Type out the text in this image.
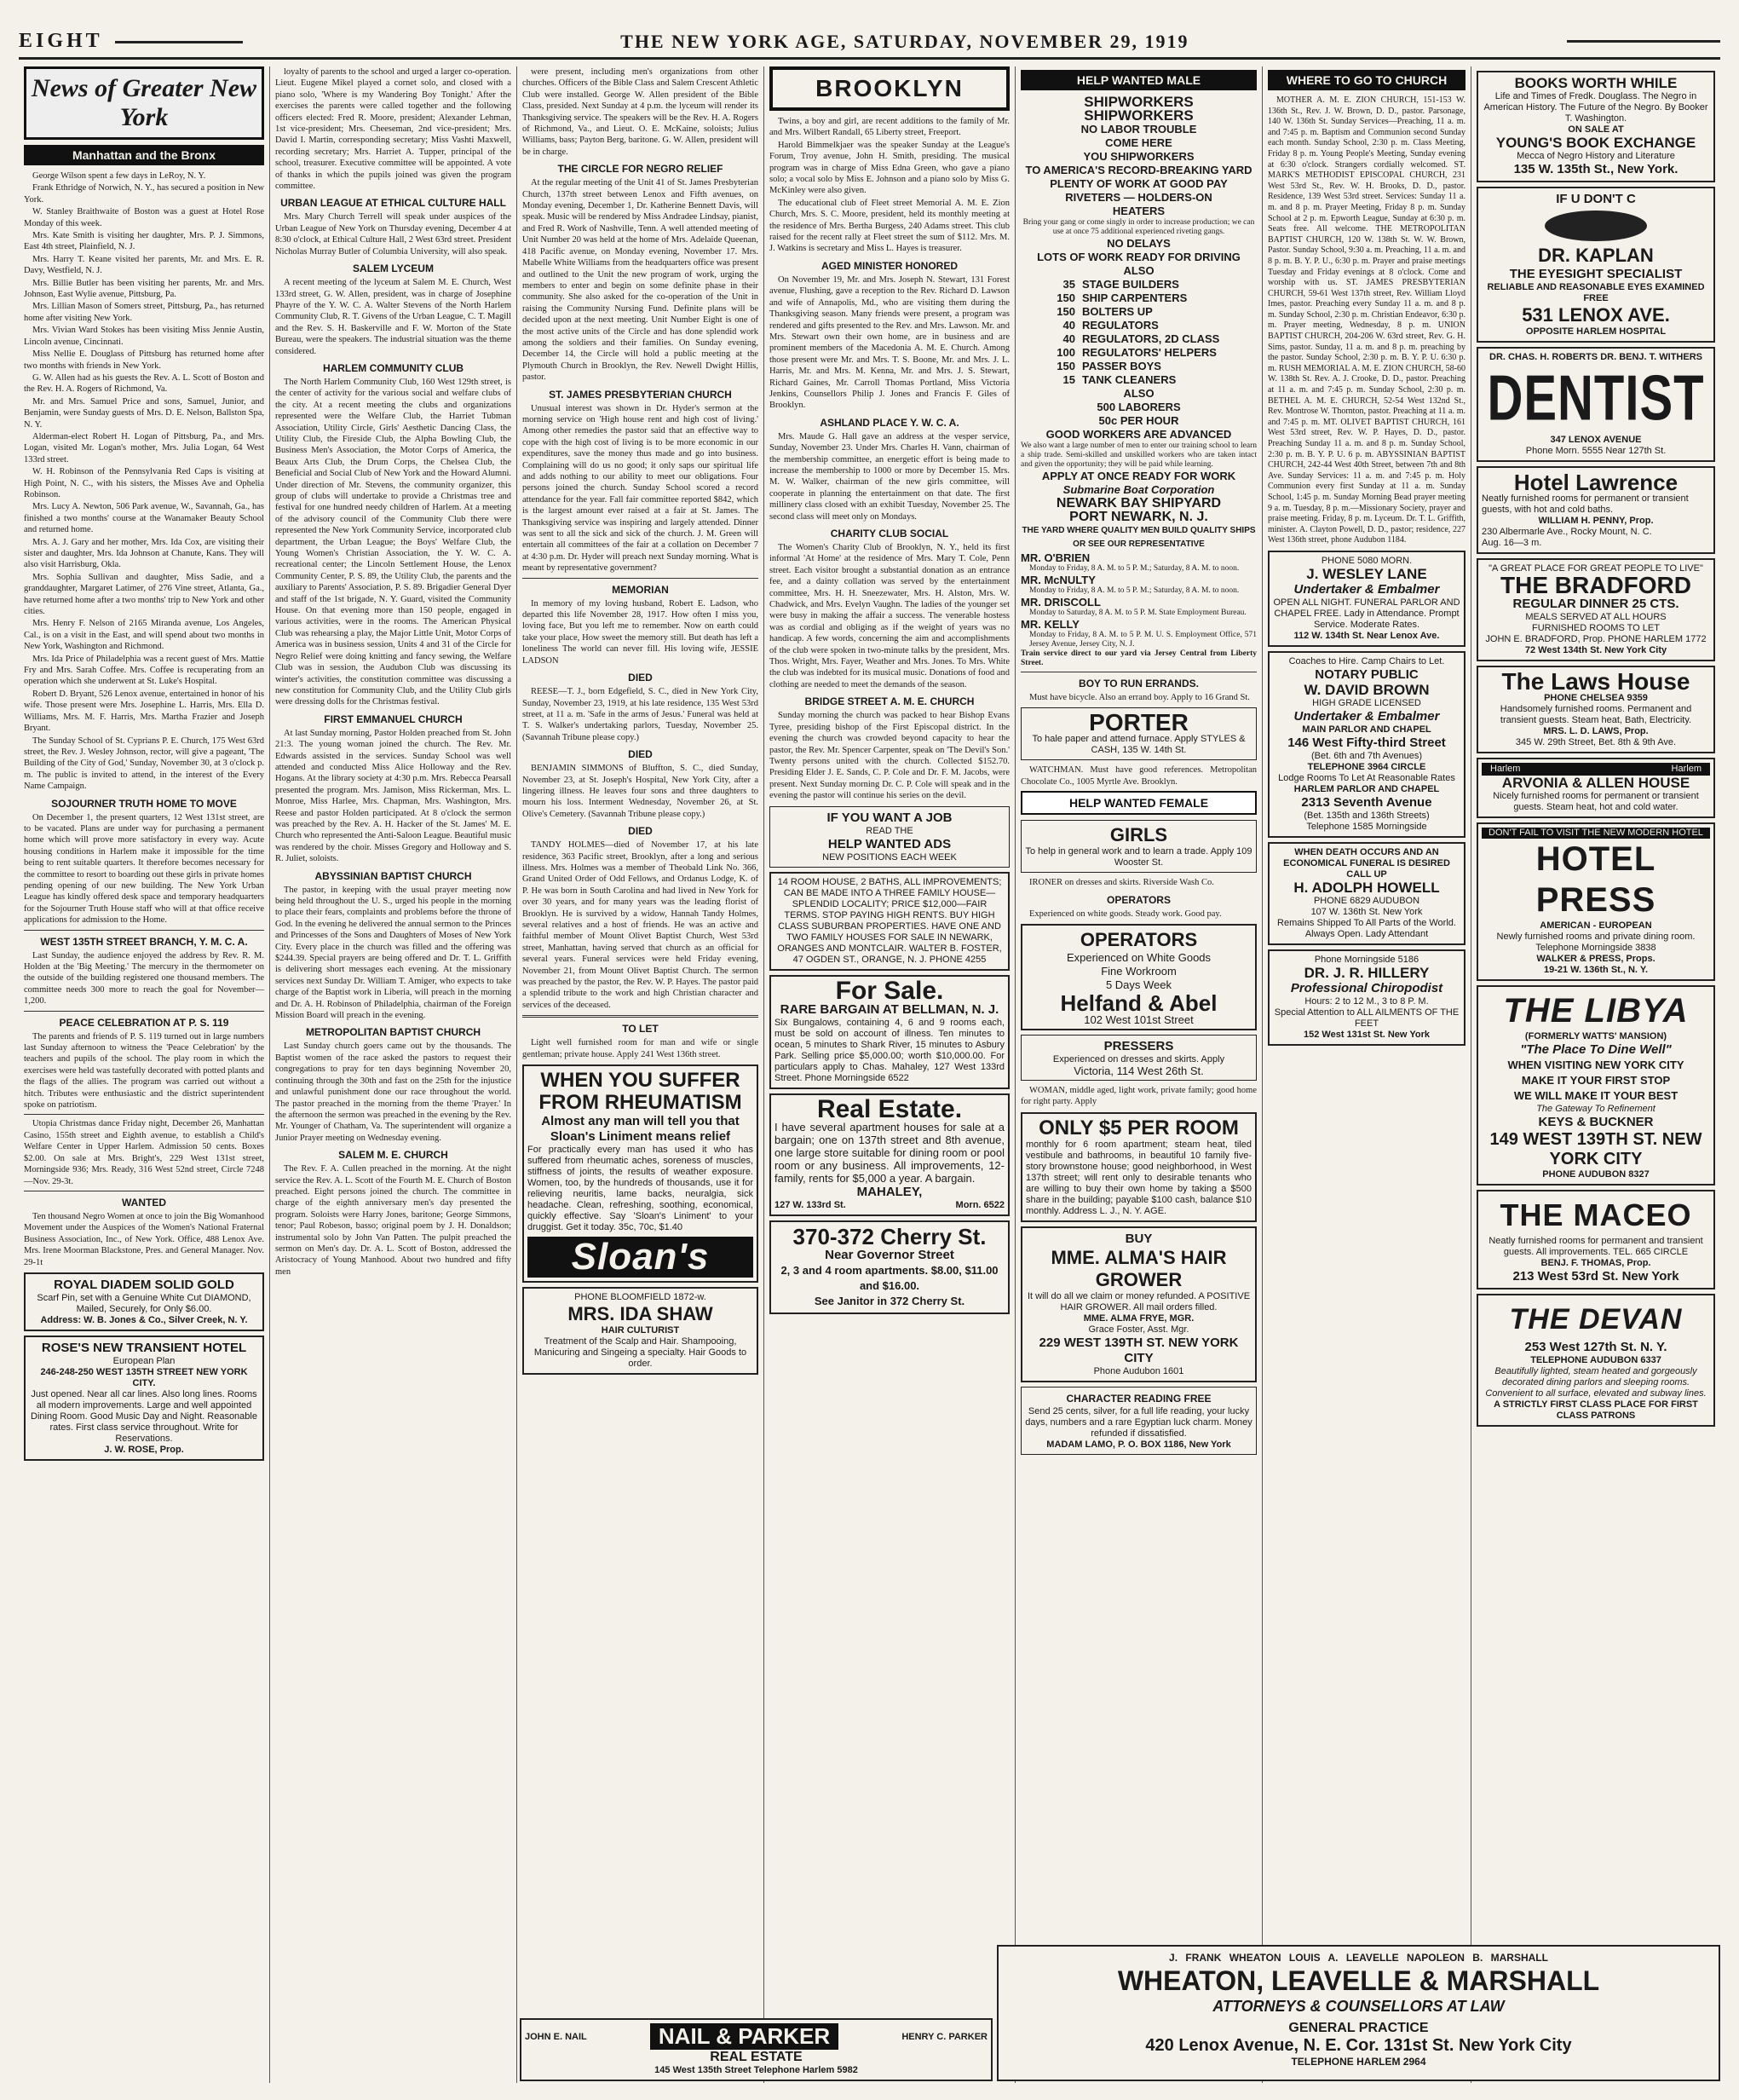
EIGHT	THE NEW YORK AGE, SATURDAY, NOVEMBER 29, 1919
News of Greater New York
Manhattan and the Bronx

George Wilson spent a few days in LeRoy, N. Y.

Frank Ethridge of Norwich, N. Y., has secured a position in New York.

W. Stanley Braithwaite of Boston was a guest at Hotel Rose Monday of this week.

Mrs. Kate Smith is visiting her daughter, Mrs. P. J. Simmons, East 4th street, Plainfield, N. J.

Mrs. Harry T. Keane visited her parents, Mr. and Mrs. E. R. Davy, Westfield, N. J.

Mrs. Billie Butler has been visiting her parents, Mr. and Mrs. Johnson, East Wylie avenue, Pittsburg, Pa.

Mrs. Lillian Mason of Somers street, Pittsburg, Pa., has returned home after visiting New York.

Mrs. Vivian Ward Stokes has been visiting Miss Jennie Austin, Lincoln avenue, Cincinnati.

Miss Nellie E. Douglass of Pittsburg has returned home after two months with friends in New York.

G. W. Allen had as his guests the Rev. A. L. Scott of Boston and the Rev. H. A. Rogers of Richmond, Va.

Mr. and Mrs. Samuel Price and sons, Samuel, Junior, and Benjamin, were Sunday guests of Mrs. D. E. Nelson, Ballston Spa, N. Y.

Alderman-elect Robert H. Logan of Pittsburg, Pa., and Mrs. Logan, visited Mr. Logan's mother, Mrs. Julia Logan, 64 West 133rd street.

W. H. Robinson of the Pennsylvania Red Caps is visiting at High Point, N. C., with his sisters, the Misses Ave and Ophelia Robinson.

Mrs. Lucy A. Newton, 506 Park avenue, W., Savannah, Ga., has finished a two months' course at the Wanamaker Beauty School and returned home.

Mrs. A. J. Gary and her mother, Mrs. Ida Cox, are visiting their sister and daughter, Mrs. Ida Johnson at Chanute, Kans. They will also visit Harrisburg, Okla.

Mrs. Sophia Sullivan and daughter, Miss Sadie, and a granddaughter, Margaret Latimer, of 276 Vine street, Atlanta, Ga., have returned home after a two months' trip to New York and other cities.

Mrs. Henry F. Nelson of 2165 Miranda avenue, Los Angeles, Cal., is on a visit in the East, and will spend about two months in New York, Washington and Richmond.

Mrs. Ida Price of Philadelphia was a recent guest of Mrs. Mattie Fry and Mrs. Sarah Coffee. Mrs. Coffee is recuperating from an operation which she underwent at St. Luke's Hospital.

Robert D. Bryant, 526 Lenox avenue, entertained in honor of his wife. Those present were Mrs. Josephine L. Harris, Mrs. Ella D. Williams, Mrs. M. F. Harris, Mrs. Martha Frazier and Joseph Bryant.

The Sunday School of St. Cyprians P. E. Church, 175 West 63rd street, the Rev. J. Wesley Johnson, rector, will give a pageant, 'The Building of the City of God,' Sunday, November 30, at 3 o'clock p. m. The public is invited to attend, in the interest of the Every Name Campaign.

SOJOURNER TRUTH HOME TO MOVE

On December 1, the present quarters, 12 West 131st street, are to be vacated. Plans are under way for purchasing a permanent home which will prove more satisfactory in every way. Acute housing conditions in Harlem make it impossible for the time being to rent suitable quarters. It therefore becomes necessary for the committee to resort to boarding out these girls in private homes pending opening of our new building. The New York Urban League has kindly offered desk space and temporary headquarters for the Sojourner Truth House staff who will at that office receive applications for admission to the Home.

WEST 135TH STREET BRANCH, Y. M. C. A.

Last Sunday, the audience enjoyed the address by Rev. R. M. Holden at the 'Big Meeting.' The mercury in the thermometer on the outside of the building registered one thousand members. The committee needs 300 more to reach the goal for November—1,200.

PEACE CELEBRATION AT P. S. 119

The parents and friends of P. S. 119 turned out in large numbers last Sunday afternoon to witness the 'Peace Celebration' by the teachers and pupils of the school. The play room in which the exercises were held was tastefully decorated with potted plants and the flags of the allies. The program was carried out without a hitch. Tributes were enthusiastic and the district superintendent spoke on patriotism.

Utopia Christmas dance Friday night, December 26, Manhattan Casino, 155th street and Eighth avenue, to establish a Child's Welfare Center in Upper Harlem. Admission 50 cents. Boxes $2.00. On sale at Mrs. Bright's, 229 West 131st street, Morningside 936; Mrs. Ready, 316 West 52nd street, Circle 7248—Nov. 29-3t.

WANTED

Ten thousand Negro Women at once to join the Big Womanhood Movement under the Auspices of the Women's National Fraternal Business Association, Inc., of New York. Office, 488 Lenox Ave. Mrs. Irene Moorman Blackstone, Pres. and General Manager. Nov. 29-1t

ROYAL DIADEM SOLID GOLD
Scarf Pin, set with a Genuine White Cut DIAMOND, Mailed, Securely, for Only $6.00.
Address: W. B. Jones & Co., Silver Creek, N. Y.
ROSE'S NEW TRANSIENT HOTEL
European Plan
246-248-250 WEST 135TH STREET NEW YORK CITY.
Just opened. Near all car lines. Also long lines. Rooms all modern improvements. Large and well appointed Dining Room. Good Music Day and Night. Reasonable rates. First class service throughout. Write for Reservations.
J. W. ROSE, Prop.

loyalty of parents to the school and urged a larger co-operation. Lieut. Eugene Mikel played a cornet solo, and closed with a piano solo, 'Where is my Wandering Boy Tonight.' After the exercises the parents were called together and the following officers elected: Fred R. Moore, president; Alexander Lehman, 1st vice-president; Mrs. Cheeseman, 2nd vice-president; Mrs. David I. Martin, corresponding secretary; Miss Vashti Maxwell, recording secretary; Mrs. Harriet A. Tupper, principal of the school, treasurer. Executive committee will be appointed. A vote of thanks in which the pupils joined was given the program committee.

URBAN LEAGUE AT ETHICAL CULTURE HALL

Mrs. Mary Church Terrell will speak under auspices of the Urban League of New York on Thursday evening, December 4 at 8:30 o'clock, at Ethical Culture Hall, 2 West 63rd street. President Nicholas Murray Butler of Columbia University, will also speak.

SALEM LYCEUM

A recent meeting of the lyceum at Salem M. E. Church, West 133rd street, G. W. Allen, president, was in charge of Josephine Phayre of the Y. W. C. A. Walter Stevens of the North Harlem Community Club, R. T. Givens of the Urban League, C. T. Magill and the Rev. S. H. Baskerville and F. W. Morton of the State Bureau, were the speakers. The industrial situation was the theme considered.

HARLEM COMMUNITY CLUB

The North Harlem Community Club, 160 West 129th street, is the center of activity for the various social and welfare clubs of the city. At a recent meeting the clubs and organizations represented were the Welfare Club, the Harriet Tubman Association, Utility Circle, Girls' Aesthetic Dancing Class, the Utility Club, the Fireside Club, the Alpha Bowling Club, the Business Men's Association, the Motor Corps of America, the Beaux Arts Club, the Drum Corps, the Chelsea Club, the Beneficial and Social Club of New York and the Howard Alumni. Under direction of Mr. Stevens, the community organizer, this group of clubs will undertake to provide a Christmas tree and festival for one hundred needy children of Harlem. At a meeting of the advisory council of the Community Club there were represented the New York Community Service, incorporated club department, the Urban League; the Boys' Welfare Club, the Young Women's Christian Association, the Y. W. C. A. recreational center; the Lincoln Settlement House, the Lenox Community Center, P. S. 89, the Utility Club, the parents and the auxiliary to Parents' Association, P. S. 89. Brigadier General Dyer and staff of the 1st brigade, N. Y. Guard, visited the Community House. On that evening more than 150 people, engaged in various activities, were in the rooms. The American Physical Club was rehearsing a play, the Major Little Unit, Motor Corps of America was in business session, Units 4 and 31 of the Circle for Negro Relief were doing knitting and fancy sewing, the Welfare Club was in session, the Audubon Club was discussing its winter's activities, the constitution committee was discussing a new constitution for Community Club, and the Utility Club girls were dressing dolls for the Christmas festival.

FIRST EMMANUEL CHURCH

At last Sunday morning, Pastor Holden preached from St. John 21:3. The young woman joined the church. The Rev. Mr. Edwards assisted in the services. Sunday School was well attended and conducted Miss Alice Holloway and the Rev. Hogans. At the library society at 4:30 p.m. Mrs. Rebecca Pearsall presented the program. Mrs. Jamison, Miss Rickerman, Mrs. L. Monroe, Miss Harlee, Mrs. Chapman, Mrs. Washington, Mrs. Reese and pastor Holden participated. At 8 o'clock the sermon was preached by the Rev. A. H. Hacker of the St. James' M. E. Church who represented the Anti-Saloon League. Beautiful music was rendered by the choir. Misses Gregory and Holloway and S. R. Juliet, soloists.

ABYSSINIAN BAPTIST CHURCH

The pastor, in keeping with the usual prayer meeting now being held throughout the U. S., urged his people in the morning to place their fears, complaints and problems before the throne of God. In the evening he delivered the annual sermon to the Princes and Princesses of the Sons and Daughters of Moses of New York City. Every place in the church was filled and the offering was $244.39. Special prayers are being offered and Dr. T. L. Griffith is delivering short messages each evening. At the missionary services next Sunday Dr. William T. Amiger, who expects to take charge of the Baptist work in Liberia, will preach in the morning and Dr. A. H. Robinson of Philadelphia, chairman of the Foreign Mission Board will preach in the evening.

METROPOLITAN BAPTIST CHURCH

Last Sunday church goers came out by the thousands. The Baptist women of the race asked the pastors to request their congregations to pray for ten days beginning November 20, continuing through the 30th and fast on the 25th for the injustice and unlawful punishment done our race throughout the world. The pastor preached in the morning from the theme 'Prayer.' In the afternoon the sermon was preached in the evening by the Rev. Mr. Younger of Chatham, Va. The superintendent will organize a Junior Prayer meeting on Wednesday evening.

SALEM M. E. CHURCH

The Rev. F. A. Cullen preached in the morning. At the night service the Rev. A. L. Scott of the Fourth M. E. Church of Boston preached. Eight persons joined the church. The committee in charge of the eighth anniversary men's day presented the program. Soloists were Harry Jones, baritone; George Simmons, tenor; Paul Robeson, basso; original poem by J. H. Donaldson; instrumental solo by John Van Patten. The pulpit preached the sermon on Men's day. Dr. A. L. Scott of Boston, addressed the Aristocracy of Young Manhood. About two hundred and fifty men

were present, including men's organizations from other churches. Officers of the Bible Class and Salem Crescent Athletic Club were installed. George W. Allen president of the Bible Class, presided. Next Sunday at 4 p.m. the lyceum will render its Thanksgiving service. The speakers will be the Rev. H. A. Rogers of Richmond, Va., and Lieut. O. E. McKaine, soloists; Julius Williams, bass; Payton Berg, baritone. G. W. Allen, president will be in charge.

THE CIRCLE FOR NEGRO RELIEF

At the regular meeting of the Unit 41 of St. James Presbyterian Church, 137th street between Lenox and Fifth avenues, on Monday evening, December 1, Dr. Katherine Bennett Davis, will speak. Music will be rendered by Miss Andradee Lindsay, pianist, and Fred R. Work of Nashville, Tenn. A well attended meeting of Unit Number 20 was held at the home of Mrs. Adelaide Queenan, 418 Pacific avenue, on Monday evening, November 17. Mrs. Mabelle White Williams from the headquarters office was present and outlined to the Unit the new program of work, urging the members to enter and begin on some definite phase in their community. She also asked for the co-operation of the Unit in raising the Community Nursing Fund. Definite plans will be decided upon at the next meeting. Unit Number Eight is one of the most active units of the Circle and has done splendid work among the soldiers and their families. On Sunday evening, December 14, the Circle will hold a public meeting at the Plymouth Church in Brooklyn, the Rev. Newell Dwight Hillis, pastor.

ST. JAMES PRESBYTERIAN CHURCH

Unusual interest was shown in Dr. Hyder's sermon at the morning service on 'High house rent and high cost of living.' Among other remedies the pastor said that an effective way to cope with the high cost of living is to be more economic in our expenditures, save the money thus made and go into business. Complaining will do us no good; it only saps our spiritual life and adds nothing to our ability to meet our obligations. Four persons joined the church. Sunday School scored a record attendance for the year. Fall fair committee reported $842, which is the largest amount ever raised at a fair at St. James. The Thanksgiving service was inspiring and largely attended. Dinner was sent to all the sick and sick of the church. J. M. Green will entertain all committees of the fair at a collation on December 7 at 4:30 p.m. Dr. Hyder will preach next Sunday morning. What is meant by representative government?

MEMORIAN

In memory of my loving husband, Robert E. Ladson, who departed this life November 28, 1917. How often I miss you, loving face, But you left me to remember. Now on earth could take your place, How sweet the memory still. But death has left a loneliness The world can never fill. His loving wife, JESSIE LADSON

DIED

REESE—T. J., born Edgefield, S. C., died in New York City, Sunday, November 23, 1919, at his late residence, 135 West 53rd street, at 11 a. m. 'Safe in the arms of Jesus.' Funeral was held at T. S. Walker's undertaking parlors, Tuesday, November 25. (Savannah Tribune please copy.)

DIED

BENJAMIN SIMMONS of Bluffton, S. C., died Sunday, November 23, at St. Joseph's Hospital, New York City, after a lingering illness. He leaves four sons and three daughters to mourn his loss. Interment Wednesday, November 26, at St. Olive's Cemetery. (Savannah Tribune please copy.)

DIED

TANDY HOLMES—died of November 17, at his late residence, 363 Pacific street, Brooklyn, after a long and serious illness. Mrs. Holmes was a member of Theobald Link No. 366, Grand United Order of Odd Fellows, and Ordanus Lodge, K. of P. He was born in South Carolina and had lived in New York for over 30 years, and for many years was the leading florist of Brooklyn. He is survived by a widow, Hannah Tandy Holmes, several relatives and a host of friends. He was an active and faithful member of Mount Olivet Baptist Church, West 53rd street, Manhattan, having served that church as an official for several years. Funeral services were held Friday evening, November 21, from Mount Olivet Baptist Church. The sermon was preached by the pastor, the Rev. W. P. Hayes. The pastor paid a splendid tribute to the work and high Christian character and services of the deceased.

TO LET

Light well furnished room for man and wife or single gentleman; private house. Apply 241 West 136th street.

WHEN YOU SUFFER FROM RHEUMATISM
Almost any man will tell you that Sloan's Liniment means relief
For practically every man has used it who has suffered from rheumatic aches, soreness of muscles, stiffness of joints, the results of weather exposure. Women, too, by the hundreds of thousands, use it for relieving neuritis, lame backs, neuralgia, sick headache. Clean, refreshing, soothing, economical, quickly effective. Say 'Sloan's Liniment' to your druggist. Get it today. 35c, 70c, $1.40
Sloan's
PHONE BLOOMFIELD 1872-w.
MRS. IDA SHAW
HAIR CULTURIST
Treatment of the Scalp and Hair. Shampooing, Manicuring and Singeing a specialty. Hair Goods to order.
BROOKLYN

Twins, a boy and girl, are recent additions to the family of Mr. and Mrs. Wilbert Randall, 65 Liberty street, Freeport.

Harold Bimmelkjaer was the speaker Sunday at the League's Forum, Troy avenue, John H. Smith, presiding. The musical program was in charge of Miss Edna Green, who gave a piano solo; a vocal solo by Miss E. Johnson and a piano solo by Miss G. McKinley were also given.

The educational club of Fleet street Memorial A. M. E. Zion Church, Mrs. S. C. Moore, president, held its monthly meeting at the residence of Mrs. Bertha Burgess, 240 Adams street. This club raised for the recent rally at Fleet street the sum of $112. Mrs. M. J. Watkins is secretary and Miss L. Hayes is treasurer.

AGED MINISTER HONORED

On November 19, Mr. and Mrs. Joseph N. Stewart, 131 Forest avenue, Flushing, gave a reception to the Rev. Richard D. Lawson and wife of Annapolis, Md., who are visiting them during the Thanksgiving season. Many friends were present, a program was rendered and gifts presented to the Rev. and Mrs. Lawson. Mr. and Mrs. Stewart own their own home, are in business and are prominent members of the Macedonia A. M. E. Church. Among those present were Mr. and Mrs. T. S. Boone, Mr. and Mrs. J. L. Harris, Mr. and Mrs. M. Kenna, Mr. and Mrs. J. S. Stewart, Richard Gaines, Mr. Carroll Thomas Portland, Miss Victoria Jenkins, Counsellors Philip J. Jones and Francis F. Giles of Brooklyn.

ASHLAND PLACE Y. W. C. A.

Mrs. Maude G. Hall gave an address at the vesper service, Sunday, November 23. Under Mrs. Charles H. Vann, chairman of the membership committee, an energetic effort is being made to increase the membership to 1000 or more by December 15. Mrs. M. W. Walker, chairman of the new girls committee, will cooperate in planning the entertainment on that date. The first millinery class closed with an exhibit Tuesday, November 25. The second class will meet only on Mondays.

CHARITY CLUB SOCIAL

The Women's Charity Club of Brooklyn, N. Y., held its first informal 'At Home' at the residence of Mrs. Mary T. Cole, Penn street. Each visitor brought a substantial donation as an entrance fee, and a dainty collation was served by the entertainment committee, Mrs. H. H. Sneezewater, Mrs. H. Alston, Mrs. W. Chadwick, and Mrs. Evelyn Vaughn. The ladies of the younger set were busy in making the affair a success. The venerable hostess was as cordial and obliging as if the weight of years was no handicap. A few words, concerning the aim and accomplishments of the club were spoken in two-minute talks by the president, Mrs. Thos. Wright, Mrs. Fayer, Weather and Mrs. Jones. To Mrs. White the club was indebted for its musical music. Donations of food and clothing are needed to meet the demands of the season.

BRIDGE STREET A. M. E. CHURCH

Sunday morning the church was packed to hear Bishop Evans Tyree, presiding bishop of the First Episcopal district. In the evening the church was crowded beyond capacity to hear the pastor, the Rev. Mr. Spencer Carpenter, speak on 'The Devil's Son.' Twenty persons united with the church. Collected $152.70. Presiding Elder J. E. Sands, C. P. Cole and Dr. F. M. Jacobs, were present. Next Sunday morning Dr. C. P. Cole will speak and in the evening the pastor will continue his series on the devil.

IF YOU WANT A JOB
READ THE
HELP WANTED ADS
NEW POSITIONS EACH WEEK
14 ROOM HOUSE, 2 BATHS, ALL IMPROVEMENTS; CAN BE MADE INTO A THREE FAMILY HOUSE—SPLENDID LOCALITY; PRICE $12,000—FAIR TERMS. STOP PAYING HIGH RENTS. BUY HIGH CLASS SUBURBAN PROPERTIES. HAVE ONE AND TWO FAMILY HOUSES FOR SALE IN NEWARK, ORANGES AND MONTCLAIR. WALTER B. FOSTER, 47 OGDEN ST., ORANGE, N. J. PHONE 4255
For Sale.
RARE BARGAIN AT BELLMAN, N. J.
Six Bungalows, containing 4, 6 and 9 rooms each, must be sold on account of illness. Ten minutes to ocean, 5 minutes to Shark River, 15 minutes to Asbury Park. Selling price $5,000.00; worth $10,000.00. For particulars apply to Chas. Mahaley, 127 West 133rd Street. Phone Morningside 6522
Real Estate.
I have several apartment houses for sale at a bargain; one on 137th street and 8th avenue, one large store suitable for dining room or pool room or any business. All improvements, 12-family, rents for $5,000 a year. A bargain.
MAHALEY,
127 W. 133rd St.	Morn. 6522
370-372 Cherry St.
Near Governor Street
2, 3 and 4 room apartments. $8.00, $11.00 and $16.00.
See Janitor in 372 Cherry St.
HELP WANTED MALE
SHIPWORKERS
SHIPWORKERS
NO LABOR TROUBLE
COME HERE
YOU SHIPWORKERS
TO AMERICA'S RECORD-BREAKING YARD
PLENTY OF WORK AT GOOD PAY
RIVETERS — HOLDERS-ON
HEATERS
Bring your gang or come singly in order to increase production; we can use at once 75 additional experienced riveting gangs.
NO DELAYS
LOTS OF WORK READY FOR DRIVING
ALSO
35 STAGE BUILDERS
150 SHIP CARPENTERS
150 BOLTERS UP
40 REGULATORS
40 REGULATORS, 2D CLASS
100 REGULATORS' HELPERS
150 PASSER BOYS
15 TANK CLEANERS
ALSO
500 LABORERS
50c PER HOUR
GOOD WORKERS ARE ADVANCED
We also want a large number of men to enter our training school to learn a ship trade. Semi-skilled and unskilled workers who are taken intact and given the opportunity; they will be paid while learning.
APPLY AT ONCE READY FOR WORK
Submarine Boat Corporation
NEWARK BAY SHIPYARD
PORT NEWARK, N. J.
THE YARD WHERE QUALITY MEN BUILD QUALITY SHIPS
OR SEE OUR REPRESENTATIVE
MR. O'BRIEN
Monday to Friday, 8 A. M. to 5 P. M.; Saturday, 8 A. M. to noon.
MR. McNULTY
Monday to Friday, 8 A. M. to 5 P. M.; Saturday, 8 A. M. to noon.
MR. DRISCOLL
Monday to Saturday, 8 A. M. to 5 P. M. State Employment Bureau.
MR. KELLY
Monday to Friday, 8 A. M. to 5 P. M. U. S. Employment Office, 571 Jersey Avenue, Jersey City, N. J.
Train service direct to our yard via Jersey Central from Liberty Street.
BOY TO RUN ERRANDS.

Must have bicycle. Also an errand boy. Apply to 16 Grand St.

PORTER
To hale paper and attend furnace. Apply STYLES & CASH, 135 W. 14th St.

WATCHMAN. Must have good references. Metropolitan Chocolate Co., 1005 Myrtle Ave. Brooklyn.

HELP WANTED FEMALE
GIRLS
To help in general work and to learn a trade. Apply 109 Wooster St.

IRONER on dresses and skirts. Riverside Wash Co.

OPERATORS

Experienced on white goods. Steady work. Good pay.

OPERATORS
Experienced on White Goods
Fine Workroom
5 Days Week
Helfand & Abel
102 West 101st Street
PRESSERS
Experienced on dresses and skirts. Apply
Victoria, 114 West 26th St.

WOMAN, middle aged, light work, private family; good home for right party. Apply

ONLY $5 PER ROOM
monthly for 6 room apartment; steam heat, tiled vestibule and bathrooms, in beautiful 10 family five-story brownstone house; good neighborhood, in West 137th street; will rent only to desirable tenants who are willing to buy their own home by taking a $500 share in the building; payable $100 cash, balance $10 monthly. Address L. J., N. Y. AGE.
BUY
MME. ALMA'S HAIR GROWER
It will do all we claim or money refunded. A POSITIVE HAIR GROWER. All mail orders filled.
MME. ALMA FRYE, MGR.
Grace Foster, Asst. Mgr.
229 WEST 139TH ST. NEW YORK CITY
Phone Audubon 1601
CHARACTER READING FREE
Send 25 cents, silver, for a full life reading, your lucky days, numbers and a rare Egyptian luck charm. Money refunded if dissatisfied.
MADAM LAMO, P. O. BOX 1186, New York
WHERE TO GO TO CHURCH

MOTHER A. M. E. ZION CHURCH, 151-153 W. 136th St., Rev. J. W. Brown, D. D., pastor. Parsonage, 140 W. 136th St. Sunday Services—Preaching, 11 a. m. and 7:45 p. m. Baptism and Communion second Sunday each month. Sunday School, 2:30 p. m. Class Meeting, Friday 8 p. m. Young People's Meeting, Sunday evening at 6:30 o'clock. Strangers cordially welcomed. ST. MARK'S METHODIST EPISCOPAL CHURCH, 231 West 53rd St., Rev. W. H. Brooks, D. D., pastor. Residence, 139 West 53rd street. Services: Sunday 11 a. m. and 8 p. m. Prayer Meeting, Friday 8 p. m. Sunday School at 2 p. m. Epworth League, Sunday at 6:30 p. m. Seats free. All welcome. THE METROPOLITAN BAPTIST CHURCH, 120 W. 138th St. W. W. Brown, Pastor. Sunday School, 9:30 a. m. Preaching, 11 a. m. and 8 p. m. B. Y. P. U., 6:30 p. m. Prayer and praise meetings Tuesday and Friday evenings at 8 o'clock. Come and worship with us. ST. JAMES PRESBYTERIAN CHURCH, 59-61 West 137th street, Rev. William Lloyd Imes, pastor. Preaching every Sunday 11 a. m. and 8 p. m. Sunday School, 2:30 p. m. Christian Endeavor, 6:30 p. m. Prayer meeting, Wednesday, 8 p. m. UNION BAPTIST CHURCH, 204-206 W. 63rd street, Rev. G. H. Sims, pastor. Sunday, 11 a. m. and 8 p. m. preaching by the pastor. Sunday School, 2:30 p. m. B. Y. P. U. 6:30 p. m. RUSH MEMORIAL A. M. E. ZION CHURCH, 58-60 W. 138th St. Rev. A. J. Crooke, D. D., pastor. Preaching at 11 a. m. and 7:45 p. m. Sunday School, 2:30 p. m. BETHEL A. M. E. CHURCH, 52-54 West 132nd St., Rev. Montrose W. Thornton, pastor. Preaching at 11 a. m. and 7:45 p. m. MT. OLIVET BAPTIST CHURCH, 161 West 53rd street, Rev. W. P. Hayes, D. D., pastor. Preaching Sunday 11 a. m. and 8 p. m. Sunday School, 2:30 p. m. B. Y. P. U. 6 p. m. ABYSSINIAN BAPTIST CHURCH, 242-44 West 40th Street, between 7th and 8th Ave. Sunday Services: 11 a. m. and 7:45 p. m. Holy Communion every first Sunday at 11 a. m. Sunday School, 1:45 p. m. Sunday Morning Bead prayer meeting 9 a. m. Tuesday, 8 p. m.—Missionary Society, prayer and praise meeting. Friday, 8 p. m. Lyceum. Dr. T. L. Griffith, minister. A. Clayton Powell, D. D., pastor; residence, 227 West 136th street, phone Audubon 1184.

PHONE 5080 MORN.
J. WESLEY LANE
Undertaker & Embalmer
OPEN ALL NIGHT. FUNERAL PARLOR AND CHAPEL FREE. Lady in Attendance. Prompt Service. Moderate Rates.
112 W. 134th St. Near Lenox Ave.
Coaches to Hire. Camp Chairs to Let.
NOTARY PUBLIC
W. DAVID BROWN
HIGH GRADE LICENSED
Undertaker & Embalmer
MAIN PARLOR AND CHAPEL
146 West Fifty-third Street
(Bet. 6th and 7th Avenues)
TELEPHONE 3964 CIRCLE
Lodge Rooms To Let At Reasonable Rates
HARLEM PARLOR AND CHAPEL
2313 Seventh Avenue
(Bet. 135th and 136th Streets)
Telephone 1585 Morningside
WHEN DEATH OCCURS AND AN ECONOMICAL FUNERAL IS DESIRED CALL UP
H. ADOLPH HOWELL
PHONE 6829 AUDUBON
107 W. 136th St. New York
Remains Shipped To All Parts of the World. Always Open. Lady Attendant
Phone Morningside 5186
DR. J. R. HILLERY
Professional Chiropodist
Hours: 2 to 12 M., 3 to 8 P. M.
Special Attention to ALL AILMENTS OF THE FEET
152 West 131st St. New York
BOOKS WORTH WHILE
Life and Times of Fredk. Douglass. The Negro in American History. The Future of the Negro. By Booker T. Washington.
ON SALE AT
YOUNG'S BOOK EXCHANGE
Mecca of Negro History and Literature
135 W. 135th St., New York.
IF U DON'T C
DR. KAPLAN
THE EYESIGHT SPECIALIST
RELIABLE AND REASONABLE EYES EXAMINED FREE
531 LENOX AVE.
OPPOSITE HARLEM HOSPITAL
DR. CHAS. H. ROBERTS DR. BENJ. T. WITHERS
DENTIST
347 LENOX AVENUE
Phone Morn. 5555 Near 127th St.
Hotel Lawrence
Neatly furnished rooms for permanent or transient guests, with hot and cold baths.
WILLIAM H. PENNY, Prop.
230 Albermarle Ave., Rocky Mount, N. C.
Aug. 16—3 m.
"A GREAT PLACE FOR GREAT PEOPLE TO LIVE"
THE BRADFORD
REGULAR DINNER 25 CTS.
MEALS SERVED AT ALL HOURS
FURNISHED ROOMS TO LET
JOHN E. BRADFORD, Prop. PHONE HARLEM 1772
72 West 134th St. New York City
The Laws House
PHONE CHELSEA 9359
Handsomely furnished rooms. Permanent and transient guests. Steam heat, Bath, Electricity.
MRS. L. D. LAWS, Prop.
345 W. 29th Street, Bet. 8th & 9th Ave.
Harlem	Harlem
ARVONIA & ALLEN HOUSE
Nicely furnished rooms for permanent or transient guests. Steam heat, hot and cold water.
DON'T FAIL TO VISIT THE NEW MODERN HOTEL
HOTEL PRESS
AMERICAN - EUROPEAN
Newly furnished rooms and private dining room. Telephone Morningside 3838
WALKER & PRESS, Props.
19-21 W. 136th St., N. Y.
THE LIBYA
(FORMERLY WATTS' MANSION)
"The Place To Dine Well"
WHEN VISITING NEW YORK CITY
MAKE IT YOUR FIRST STOP
WE WILL MAKE IT YOUR BEST
The Gateway To Refinement
KEYS & BUCKNER
149 WEST 139TH ST. NEW YORK CITY
PHONE AUDUBON 8327
THE MACEO
Neatly furnished rooms for permanent and transient guests. All improvements. TEL. 665 CIRCLE
BENJ. F. THOMAS, Prop.
213 West 53rd St. New York
THE DEVAN
253 West 127th St. N. Y.
TELEPHONE AUDUBON 6337
Beautifully lighted, steam heated and gorgeously decorated dining parlors and sleeping rooms. Convenient to all surface, elevated and subway lines.
A STRICTLY FIRST CLASS PLACE FOR FIRST CLASS PATRONS
J. FRANK WHEATON LOUIS A. LEAVELLE NAPOLEON B. MARSHALL
WHEATON, LEAVELLE & MARSHALL
ATTORNEYS & COUNSELLORS AT LAW
GENERAL PRACTICE
420 Lenox Avenue, N. E. Cor. 131st St. New York City
TELEPHONE HARLEM 2964
JOHN E. NAIL	NAIL & PARKER	HENRY C. PARKER
REAL ESTATE
145 West 135th Street Telephone Harlem 5982
